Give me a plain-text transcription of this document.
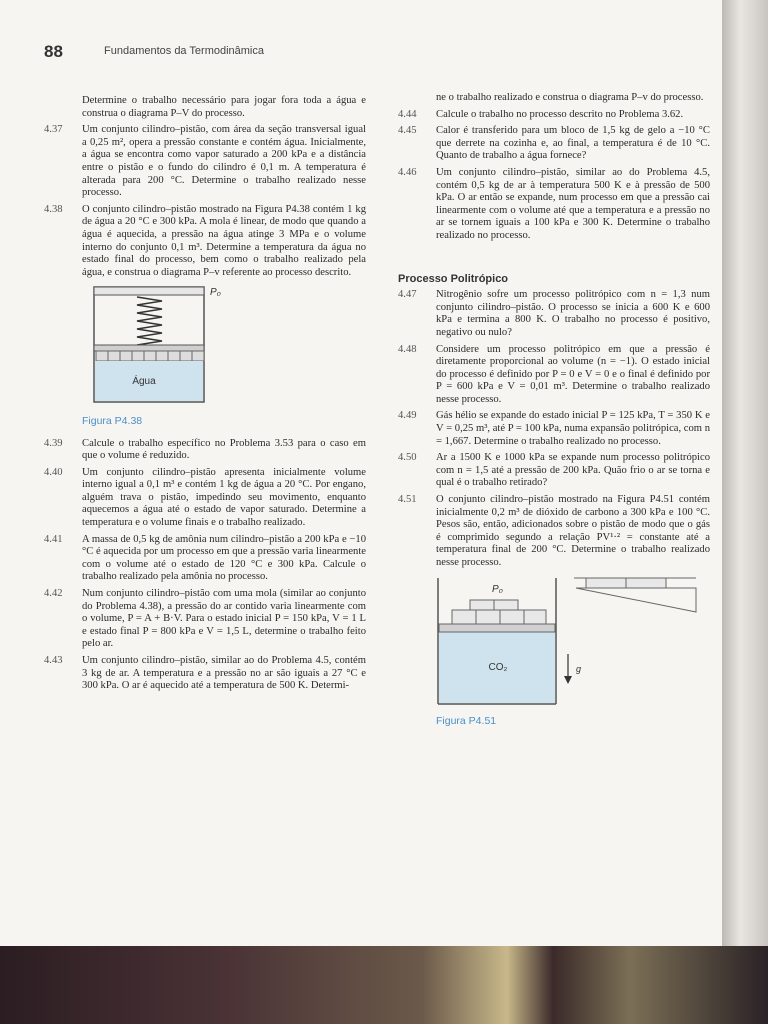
88	Fundamentos da Termodinâmica
Determine o trabalho necessário para jogar fora toda a água e construa o diagrama P–V do processo.
4.37 Um conjunto cilindro–pistão, com área da seção transversal igual a 0,25 m², opera a pressão constante e contém água. Inicialmente, a água se encontra como vapor saturado a 200 kPa e a distância entre o pistão e o fundo do cilindro é 0,1 m. A temperatura é alterada para 200 °C. Determine o trabalho realizado nesse processo.
4.38 O conjunto cilindro–pistão mostrado na Figura P4.38 contém 1 kg de água a 20 °C e 300 kPa. A mola é linear, de modo que quando a água é aquecida, a pressão na água atinge 3 MPa e o volume interno do conjunto 0,1 m³. Determine a temperatura da água no estado final do processo, bem como o trabalho realizado pela água, e construa o diagrama P–v referente ao processo descrito.
P₀
Água
Figura P4.38
4.39 Calcule o trabalho específico no Problema 3.53 para o caso em que o volume é reduzido.
4.40 Um conjunto cilindro–pistão apresenta inicialmente volume interno igual a 0,1 m³ e contém 1 kg de água a 20 °C. Por engano, alguém trava o pistão, impedindo seu movimento, enquanto aquecemos a água até o estado de vapor saturado. Determine a temperatura e o volume finais e o trabalho realizado.
4.41 A massa de 0,5 kg de amônia num cilindro–pistão a 200 kPa e −10 °C é aquecida por um processo em que a pressão varia linearmente com o volume até o estado de 120 °C e 300 kPa. Calcule o trabalho realizado pela amônia no processo.
4.42 Num conjunto cilindro–pistão com uma mola (similar ao conjunto do Problema 4.38), a pressão do ar contido varia linearmente com o volume, P = A + B·V. Para o estado inicial P = 150 kPa, V = 1 L e estado final P = 800 kPa e V = 1,5 L, determine o trabalho feito pelo ar.
4.43 Um conjunto cilindro–pistão, similar ao do Problema 4.5, contém 3 kg de ar. A temperatura e a pressão no ar são iguais a 27 °C e 300 kPa. O ar é aquecido até a temperatura de 500 K. Determi-
ne o trabalho realizado e construa o diagrama P–v do processo.
4.44 Calcule o trabalho no processo descrito no Problema 3.62.
4.45 Calor é transferido para um bloco de 1,5 kg de gelo a −10 °C que derrete na cozinha e, ao final, a temperatura é de 10 °C. Quanto de trabalho a água fornece?
4.46 Um conjunto cilindro–pistão, similar ao do Problema 4.5, contém 0,5 kg de ar à temperatura 500 K e à pressão de 500 kPa. O ar então se expande, num processo em que a pressão cai linearmente com o volume até que a temperatura e a pressão no ar se tornem iguais a 100 kPa e 300 K. Determine o trabalho realizado no processo.
Processo Politrópico
4.47 Nitrogênio sofre um processo politrópico com n = 1,3 num conjunto cilindro–pistão. O processo se inicia a 600 K e 600 kPa e termina a 800 K. O trabalho no processo é positivo, negativo ou nulo?
4.48 Considere um processo politrópico em que a pressão é diretamente proporcional ao volume (n = −1). O estado inicial do processo é definido por P = 0 e V = 0 e o final é definido por P = 600 kPa e V = 0,01 m³. Determine o trabalho realizado nesse processo.
4.49 Gás hélio se expande do estado inicial P = 125 kPa, T = 350 K e V = 0,25 m³, até P = 100 kPa, numa expansão politrópica, com n = 1,667. Determine o trabalho realizado no processo.
4.50 Ar a 1500 K e 1000 kPa se expande num processo politrópico com n = 1,5 até a pressão de 200 kPa. Quão frio o ar se torna e qual é o trabalho retirado?
4.51 O conjunto cilindro–pistão mostrado na Figura P4.51 contém inicialmente 0,2 m³ de dióxido de carbono a 300 kPa e 100 °C. Pesos são, então, adicionados sobre o pistão de modo que o gás é comprimido segundo a relação PV¹·² = constante até a temperatura final de 200 °C. Determine o trabalho realizado nesse processo.
P₀
CO₂	g
Figura P4.51
